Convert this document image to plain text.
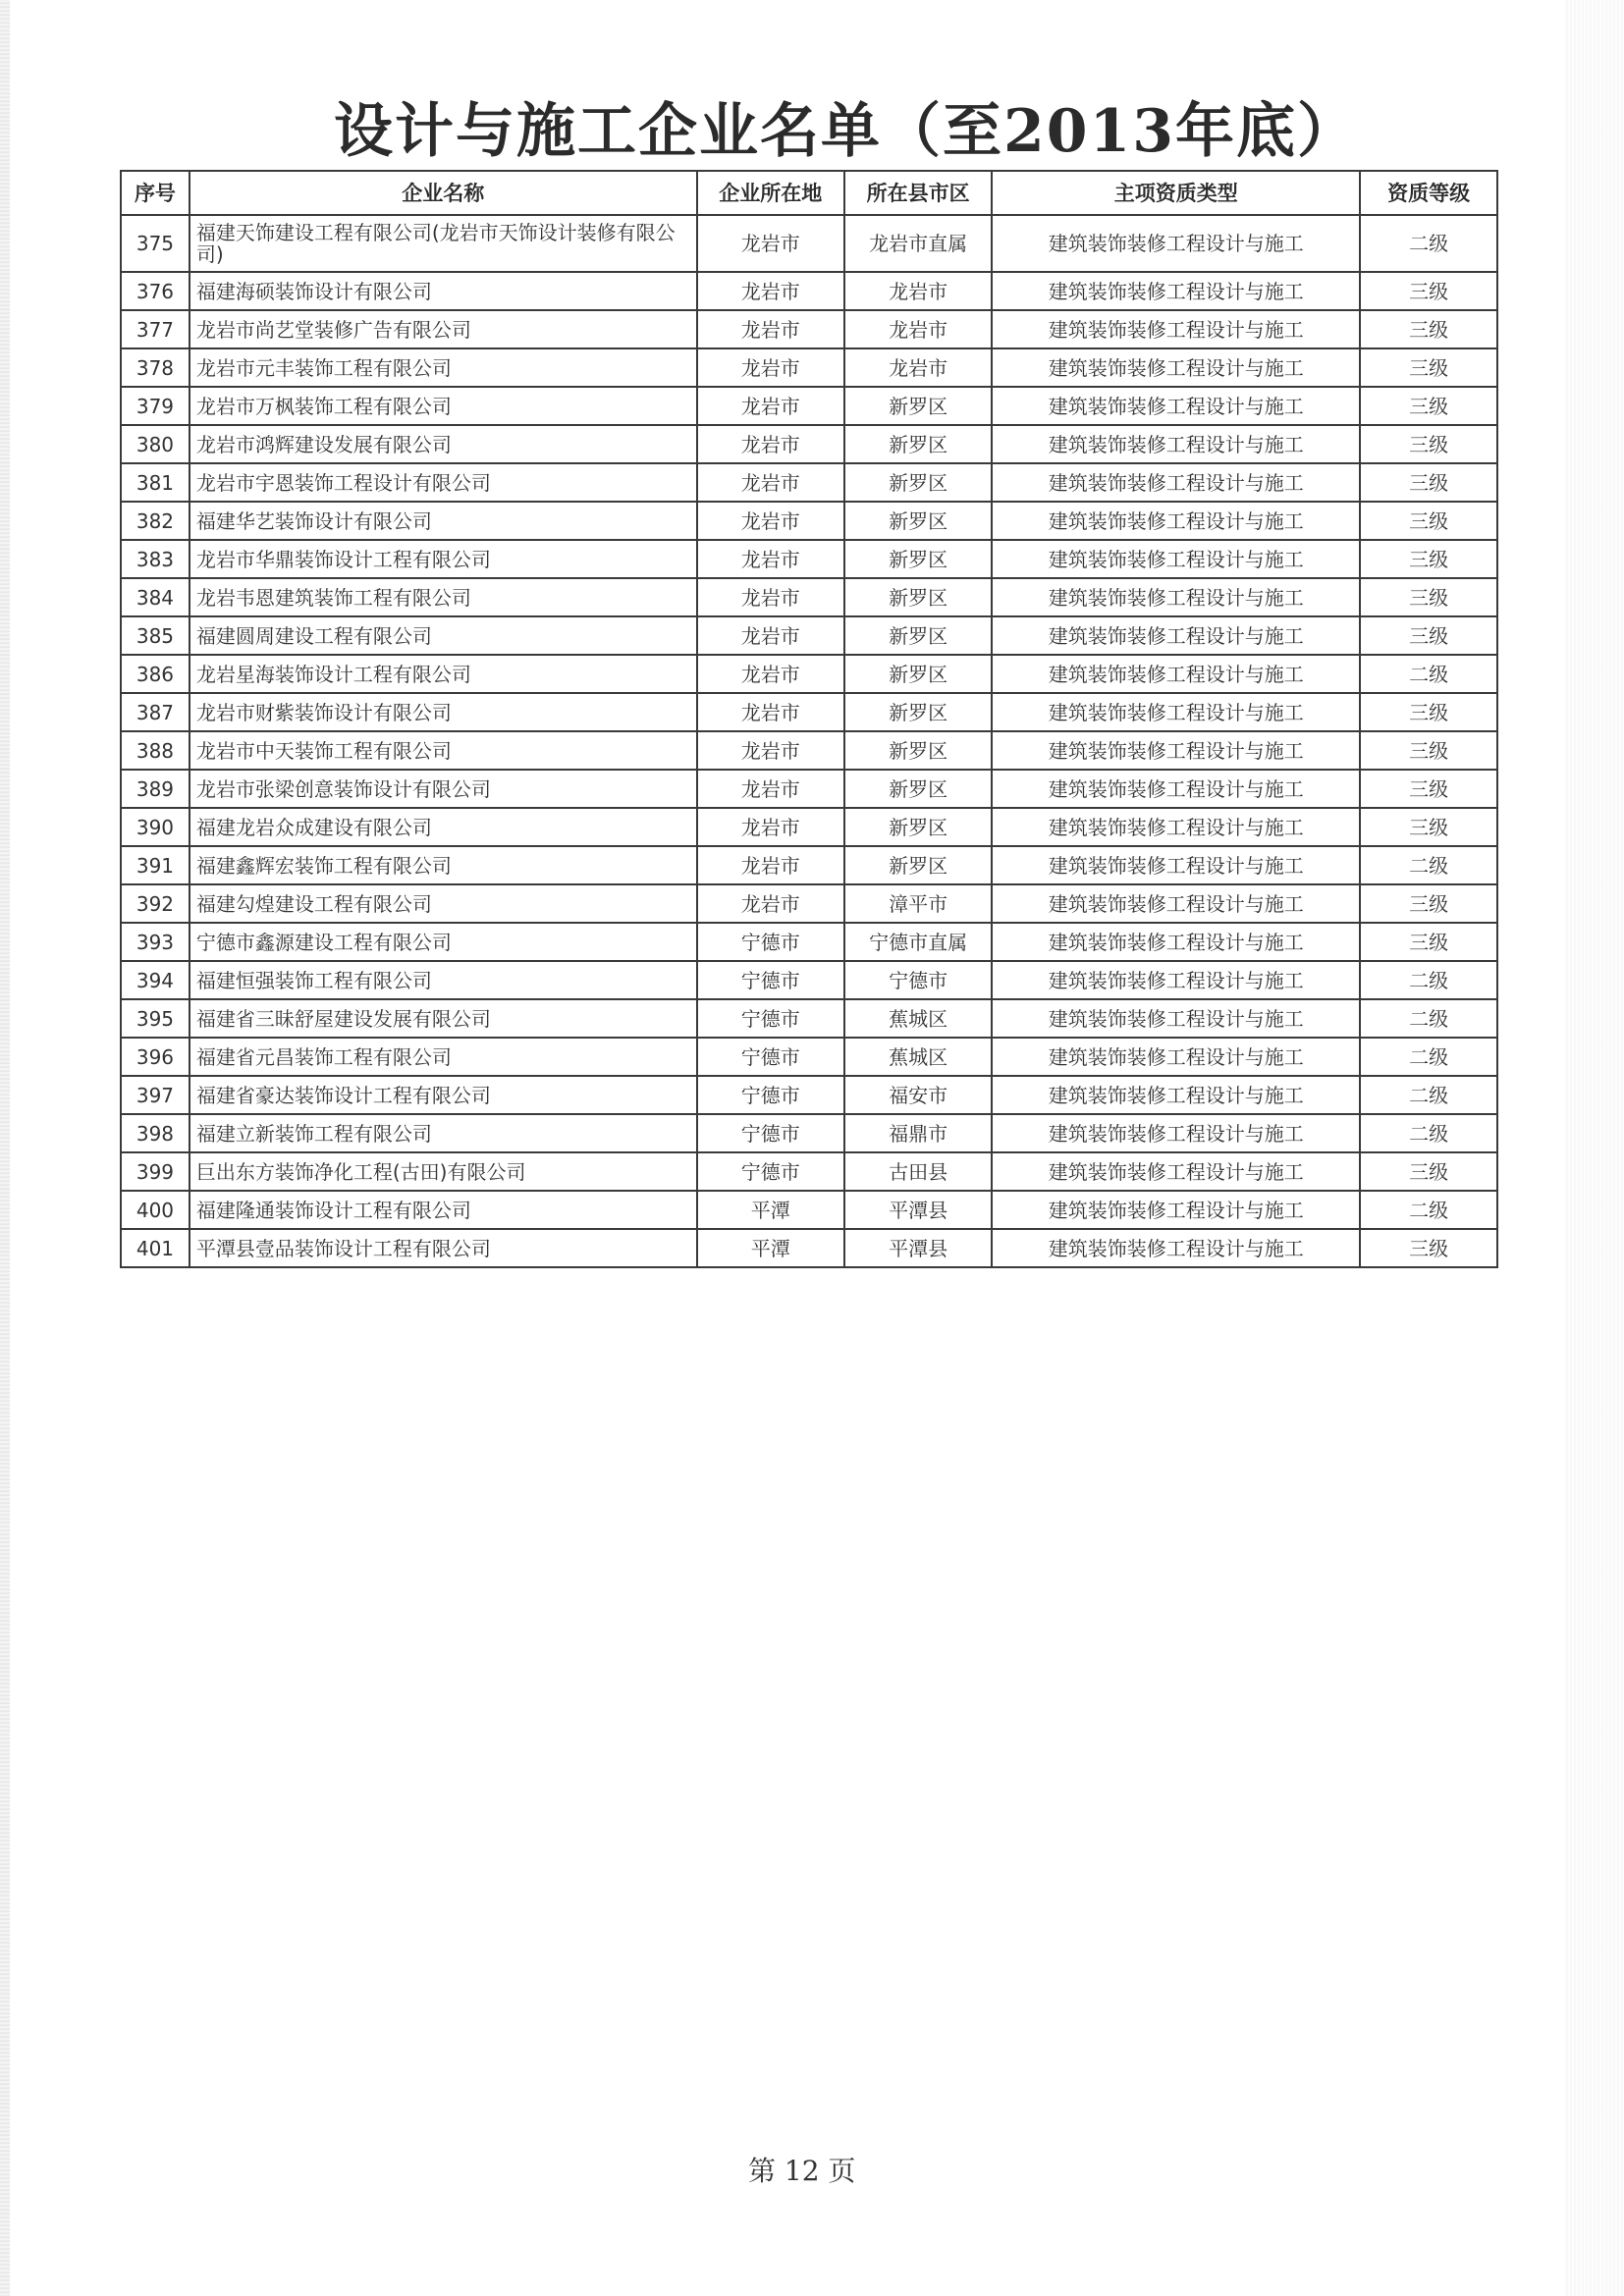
设计与施工企业名单（至2013年底）
序号	企业名称	企业所在地	所在县市区	主项资质类型	资质等级
375	福建天饰建设工程有限公司(龙岩市天饰设计装修有限公司)	龙岩市	龙岩市直属	建筑装饰装修工程设计与施工	二级
376	福建海硕装饰设计有限公司	龙岩市	龙岩市	建筑装饰装修工程设计与施工	三级
377	龙岩市尚艺堂装修广告有限公司	龙岩市	龙岩市	建筑装饰装修工程设计与施工	三级
378	龙岩市元丰装饰工程有限公司	龙岩市	龙岩市	建筑装饰装修工程设计与施工	三级
379	龙岩市万枫装饰工程有限公司	龙岩市	新罗区	建筑装饰装修工程设计与施工	三级
380	龙岩市鸿辉建设发展有限公司	龙岩市	新罗区	建筑装饰装修工程设计与施工	三级
381	龙岩市宇恩装饰工程设计有限公司	龙岩市	新罗区	建筑装饰装修工程设计与施工	三级
382	福建华艺装饰设计有限公司	龙岩市	新罗区	建筑装饰装修工程设计与施工	三级
383	龙岩市华鼎装饰设计工程有限公司	龙岩市	新罗区	建筑装饰装修工程设计与施工	三级
384	龙岩韦恩建筑装饰工程有限公司	龙岩市	新罗区	建筑装饰装修工程设计与施工	三级
385	福建圆周建设工程有限公司	龙岩市	新罗区	建筑装饰装修工程设计与施工	三级
386	龙岩星海装饰设计工程有限公司	龙岩市	新罗区	建筑装饰装修工程设计与施工	二级
387	龙岩市财紫装饰设计有限公司	龙岩市	新罗区	建筑装饰装修工程设计与施工	三级
388	龙岩市中天装饰工程有限公司	龙岩市	新罗区	建筑装饰装修工程设计与施工	三级
389	龙岩市张梁创意装饰设计有限公司	龙岩市	新罗区	建筑装饰装修工程设计与施工	三级
390	福建龙岩众成建设有限公司	龙岩市	新罗区	建筑装饰装修工程设计与施工	三级
391	福建鑫辉宏装饰工程有限公司	龙岩市	新罗区	建筑装饰装修工程设计与施工	二级
392	福建勾煌建设工程有限公司	龙岩市	漳平市	建筑装饰装修工程设计与施工	三级
393	宁德市鑫源建设工程有限公司	宁德市	宁德市直属	建筑装饰装修工程设计与施工	三级
394	福建恒强装饰工程有限公司	宁德市	宁德市	建筑装饰装修工程设计与施工	二级
395	福建省三昧舒屋建设发展有限公司	宁德市	蕉城区	建筑装饰装修工程设计与施工	二级
396	福建省元昌装饰工程有限公司	宁德市	蕉城区	建筑装饰装修工程设计与施工	二级
397	福建省豪达装饰设计工程有限公司	宁德市	福安市	建筑装饰装修工程设计与施工	二级
398	福建立新装饰工程有限公司	宁德市	福鼎市	建筑装饰装修工程设计与施工	二级
399	巨出东方装饰净化工程(古田)有限公司	宁德市	古田县	建筑装饰装修工程设计与施工	三级
400	福建隆通装饰设计工程有限公司	平潭	平潭县	建筑装饰装修工程设计与施工	二级
401	平潭县壹品装饰设计工程有限公司	平潭	平潭县	建筑装饰装修工程设计与施工	三级
第 12 页
